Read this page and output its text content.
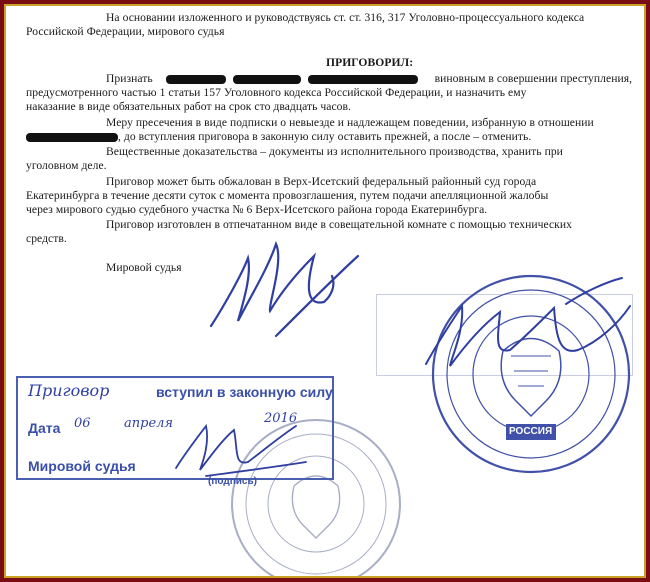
На основании изложенного и руководствуясь ст. ст. 316, 317 Уголовно-процессуального кодекса
Российской Федерации, мирового судья
ПРИГОВОРИЛ:
Признать	виновным в совершении преступления,
предусмотренного частью 1 статьи 157 Уголовного кодекса Российской Федерации, и назначить ему
наказание в виде обязательных работ на срок сто двадцать часов.
Меру пресечения в виде подписки о невыезде и надлежащем поведении, избранную в отношении
, до вступления приговора в законную силу оставить прежней, а после – отменить.
Вещественные доказательства – документы из исполнительного производства, хранить при
уголовном деле.
Приговор может быть обжалован в Верх-Исетский федеральный районный суд города
Екатеринбурга в течение десяти суток с момента провозглашения, путем подачи апелляционной жалобы
через мирового судью судебного участка № 6 Верх-Исетского района города Екатеринбурга.
Приговор изготовлен в отпечатанном виде в совещательной комнате с помощью технических
средств.
Мировой судья
РОССИЯ
Приговор	вступил в законную силу
Дата 06	апреля	2016
Мировой судья
(подпись)
